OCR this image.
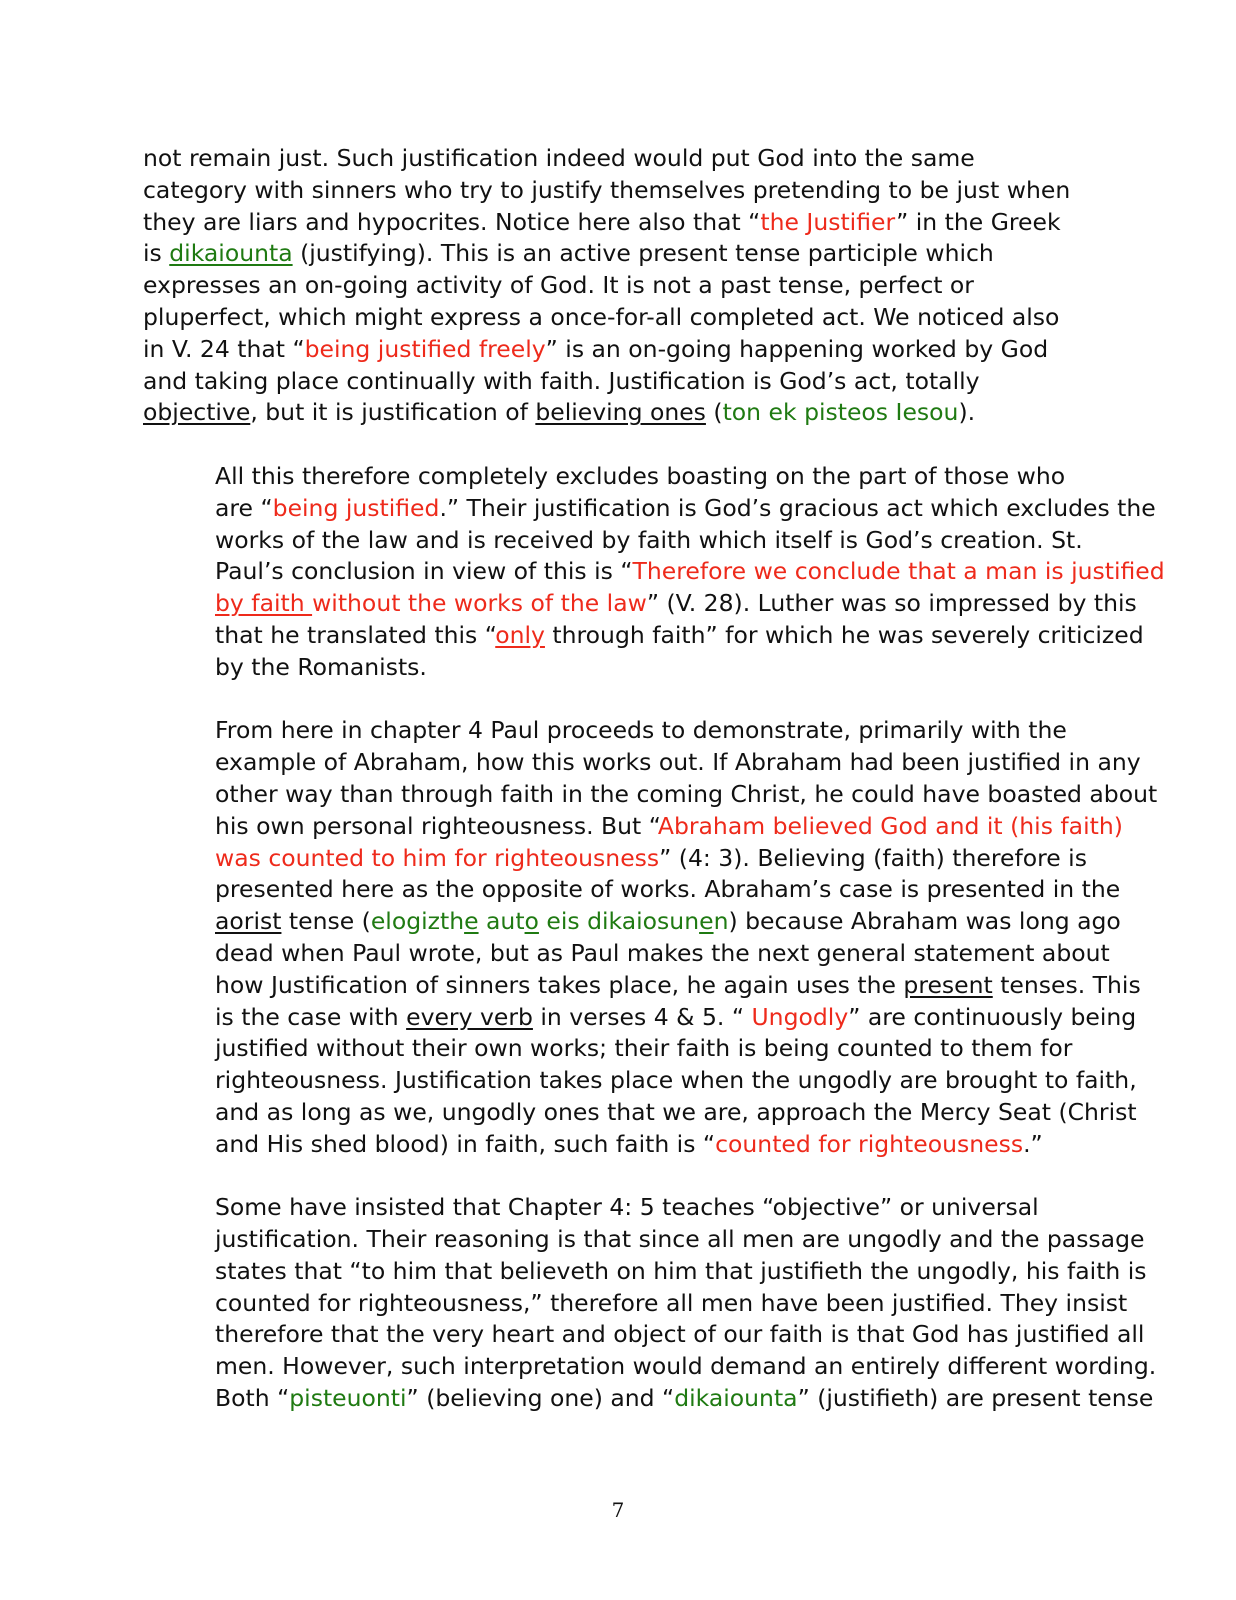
not remain just. Such justification indeed would put God into the same
category with sinners who try to justify themselves pretending to be just when
they are liars and hypocrites. Notice here also that “the Justifier” in the Greek
is dikaiounta (justifying). This is an active present tense participle which
expresses an on-going activity of God. It is not a past tense, perfect or
pluperfect, which might express a once-for-all completed act. We noticed also
in V. 24 that “being justified freely” is an on-going happening worked by God
and taking place continually with faith. Justification is God’s act, totally
objective, but it is justification of believing ones (ton ek pisteos Iesou).
All this therefore completely excludes boasting on the part of those who
are “being justified.” Their justification is God’s gracious act which excludes the
works of the law and is received by faith which itself is God’s creation. St.
Paul’s conclusion in view of this is “Therefore we conclude that a man is justified
by faith without the works of the law” (V. 28). Luther was so impressed by this
that he translated this “only through faith” for which he was severely criticized
by the Romanists.
From here in chapter 4 Paul proceeds to demonstrate, primarily with the
example of Abraham, how this works out. If Abraham had been justified in any
other way than through faith in the coming Christ, he could have boasted about
his own personal righteousness. But “Abraham believed God and it (his faith)
was counted to him for righteousness” (4: 3). Believing (faith) therefore is
presented here as the opposite of works. Abraham’s case is presented in the
aorist tense (elogizthe auto eis dikaiosunen) because Abraham was long ago
dead when Paul wrote, but as Paul makes the next general statement about
how Justification of sinners takes place, he again uses the present tenses. This
is the case with every verb in verses 4 & 5. “ Ungodly” are continuously being
justified without their own works; their faith is being counted to them for
righteousness. Justification takes place when the ungodly are brought to faith,
and as long as we, ungodly ones that we are, approach the Mercy Seat (Christ
and His shed blood) in faith, such faith is “counted for righteousness.”
Some have insisted that Chapter 4: 5 teaches “objective” or universal
justification. Their reasoning is that since all men are ungodly and the passage
states that “to him that believeth on him that justifieth the ungodly, his faith is
counted for righteousness,” therefore all men have been justified. They insist
therefore that the very heart and object of our faith is that God has justified all
men. However, such interpretation would demand an entirely different wording.
Both “pisteuonti” (believing one) and “dikaiounta” (justifieth) are present tense
7
